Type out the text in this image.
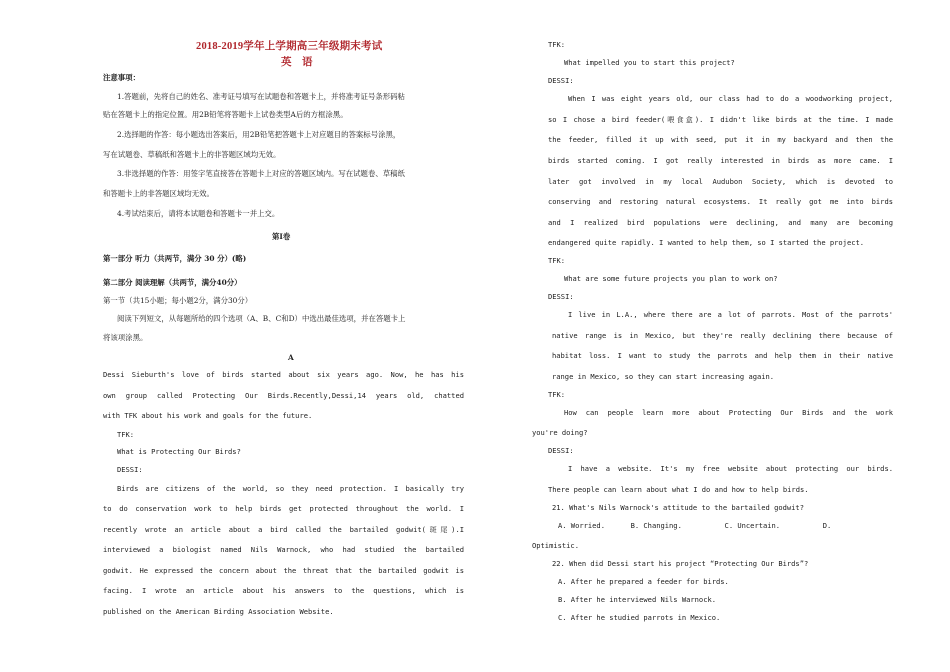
2018-2019学年上学期高三年级期末考试
英　语
注意事项：
1.答题前，先将自己的姓名、准考证号填写在试题卷和答题卡上，并将准考证号条形码粘
贴在答题卡上的指定位置。用2B铅笔将答题卡上试卷类型A后的方框涂黑。
2.选择题的作答：每小题选出答案后，用2B铅笔把答题卡上对应题目的答案标号涂黑，
写在试题卷、草稿纸和答题卡上的非答题区域均无效。
3.非选择题的作答：用签字笔直接答在答题卡上对应的答题区域内。写在试题卷、草稿纸
和答题卡上的非答题区域均无效。
4.考试结束后，请将本试题卷和答题卡一并上交。
第Ⅰ卷
第一部分 听力（共两节，满分 30 分）(略)
第二部分 阅读理解（共两节，满分40分）
第一节（共15小题；每小题2分，满分30分）
阅读下列短文，从每题所给的四个选项（A、B、C和D）中选出最佳选项，并在答题卡上
将该项涂黑。
A
Dessi Sieburth's love of birds started about six years ago. Now, he has his
own group called Protecting Our Birds.Recently,Dessi,14 years old, chatted
with TFK about his work and goals for the future.
TFK:
What is Protecting Our Birds?
DESSI:
Birds are citizens of the world, so they need protection. I basically try
to do conservation work to help birds get protected throughout the world. I
recently wrote an article about a bird called the bartailed godwit(斑尾).I
interviewed a biologist named Nils Warnock, who had studied the bartailed
godwit. He expressed the concern about the threat that the bartailed godwit is
facing. I wrote an article about his answers to the questions, which is
published on the American Birding Association Website.
TFK:
What impelled you to start this project?
DESSI:
When I was eight years old, our class had to do a woodworking project,
so I chose a bird feeder(喂食盒). I didn't like birds at the time. I made
the feeder, filled it up with seed, put it in my backyard and then the
birds started coming. I got really interested in birds as more came. I
later got involved in my local Audubon Society, which is devoted to
conserving and restoring natural ecosystems. It really got me into birds
and I realized bird populations were declining, and many are becoming
endangered quite rapidly. I wanted to help them, so I started the project.
TFK:
What are some future projects you plan to work on?
DESSI:
I live in L.A., where there are a lot of parrots. Most of the parrots'
native range is in Mexico, but they're really declining there because of
habitat loss. I want to study the parrots and help them in their native
range in Mexico, so they can start increasing again.
TFK:
How can people learn more about Protecting Our Birds and the work
you're doing?
DESSI:
I have a website. It's my free website about protecting our birds.
There people can learn about what I do and how to help birds.
21. What's Nils Warnock's attitude to the bartailed godwit?
A. Worried.      B. Changing.          C. Uncertain.          D.
Optimistic.
22. When did Dessi start his project “Protecting Our Birds”?
A. After he prepared a feeder for birds.
B. After he interviewed Nils Warnock.
C. After he studied parrots in Mexico.
